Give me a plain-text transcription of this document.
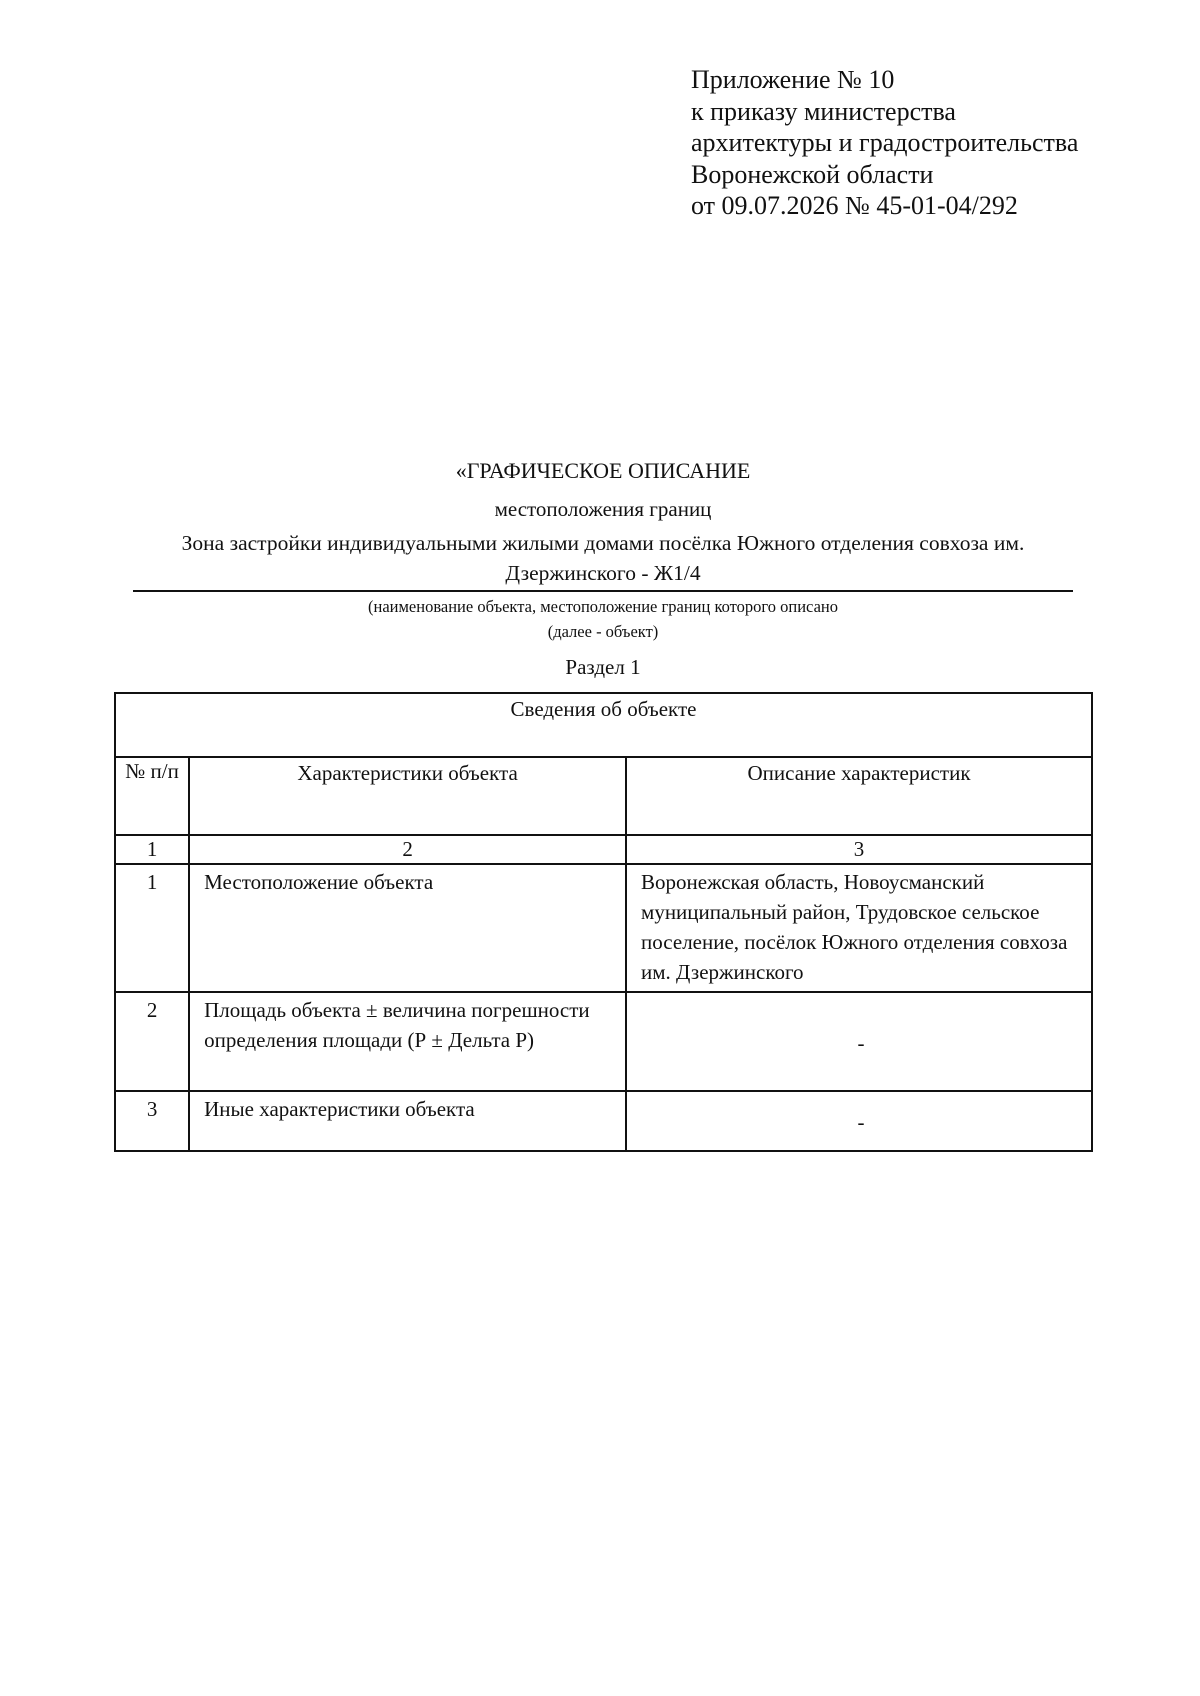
Приложение № 10
к приказу министерства
архитектуры и градостроительства
Воронежской области
от 09.07.2026 № 45-01-04/292
«ГРАФИЧЕСКОЕ ОПИСАНИЕ
местоположения границ
Зона застройки индивидуальными жилыми домами посёлка Южного отделения совхоза им. Дзержинского - Ж1/4
(наименование объекта, местоположение границ которого описано
(далее - объект)
Раздел 1
Сведения об объекте		
№ п/п	Характеристики объекта	Описание характеристик
1	2	3
1	Местоположение объекта	Воронежская область, Новоусманский муниципальный район, Трудовское сельское поселение, посёлок Южного отделения совхоза им. Дзержинского
2	Площадь объекта ± величина погрешности определения площади (Р ± Дельта Р)	-
3	Иные характеристики объекта	-
